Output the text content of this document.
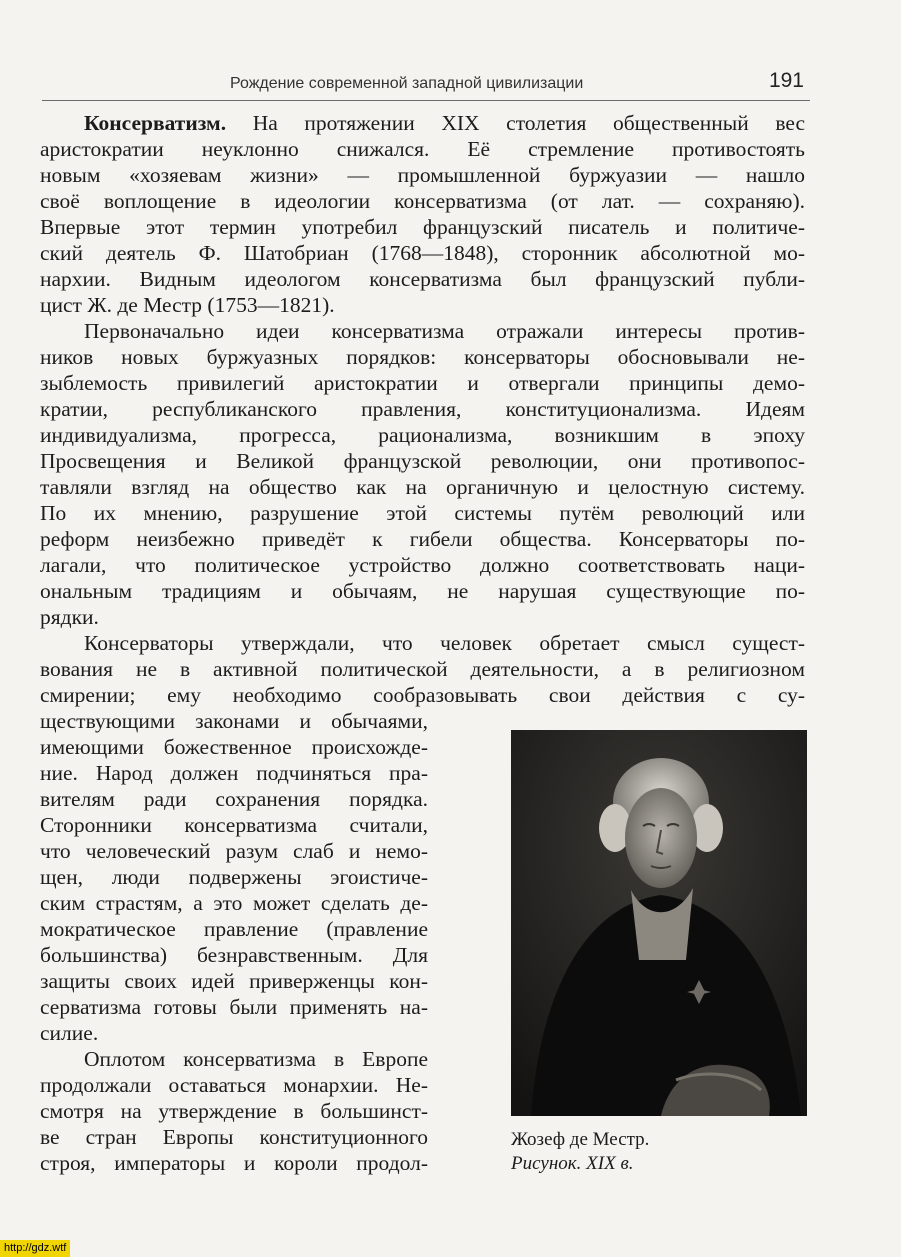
Рождение современной западной цивилизации	191
Консерватизм. На протяжении XIX столетия общественный вес
аристократии неуклонно снижался. Её стремление противостоять
новым «хозяевам жизни» — промышленной буржуазии — нашло
своё воплощение в идеологии консерватизма (от лат. — сохраняю).
Впервые этот термин употребил французский писатель и политиче-
ский деятель Ф. Шатобриан (1768—1848), сторонник абсолютной мо-
нархии. Видным идеологом консерватизма был французский публи-
цист Ж. де Местр (1753—1821).
Первоначально идеи консерватизма отражали интересы против-
ников новых буржуазных порядков: консерваторы обосновывали не-
зыблемость привилегий аристократии и отвергали принципы демо-
кратии, республиканского правления, конституционализма. Идеям
индивидуализма, прогресса, рационализма, возникшим в эпоху
Просвещения и Великой французской революции, они противопос-
тавляли взгляд на общество как на органичную и целостную систему.
По их мнению, разрушение этой системы путём революций или
реформ неизбежно приведёт к гибели общества. Консерваторы по-
лагали, что политическое устройство должно соответствовать наци-
ональным традициям и обычаям, не нарушая существующие по-
рядки.
Консерваторы утверждали, что человек обретает смысл сущест-
вования не в активной политической деятельности, а в религиозном
смирении; ему необходимо сообразовывать свои действия с су-
ществующими законами и обычаями,
имеющими божественное происхожде-
ние. Народ должен подчиняться пра-
вителям ради сохранения порядка.
Сторонники консерватизма считали,
что человеческий разум слаб и немо-
щен, люди подвержены эгоистиче-
ским страстям, а это может сделать де-
мократическое правление (правление
большинства) безнравственным. Для
защиты своих идей приверженцы кон-
серватизма готовы были применять на-
силие.
Оплотом консерватизма в Европе
продолжали оставаться монархии. Не-
смотря на утверждение в большинст-
ве стран Европы конституционного
строя, императоры и короли продол-
Жозеф де Местр.
Рисунок. XIX в.
http://gdz.wtf
